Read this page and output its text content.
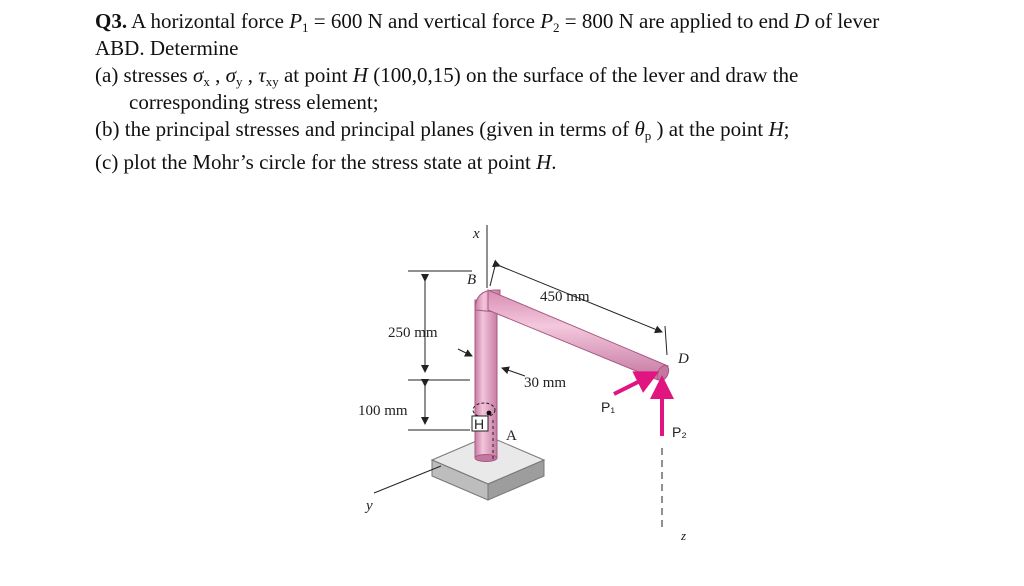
Q3. A horizontal force $P_1 = 600$ N and vertical force $P_2 = 800$ N are applied to end D of lever
ABD. Determine
(a) stresses $\sigma_x$ , $\sigma_y$ , $\tau_{xy}$ at point H (100,0,15) on the surface of the lever and draw the
corresponding stress element;
(b) the principal stresses and principal planes (given in terms of $\theta_p$ ) at the point H;
(c) plot the Mohr’s circle for the stress state at point H.
x
450 mm
B
D
250 mm
100 mm
30 mm
H
A
P₁
P₂
z
y
